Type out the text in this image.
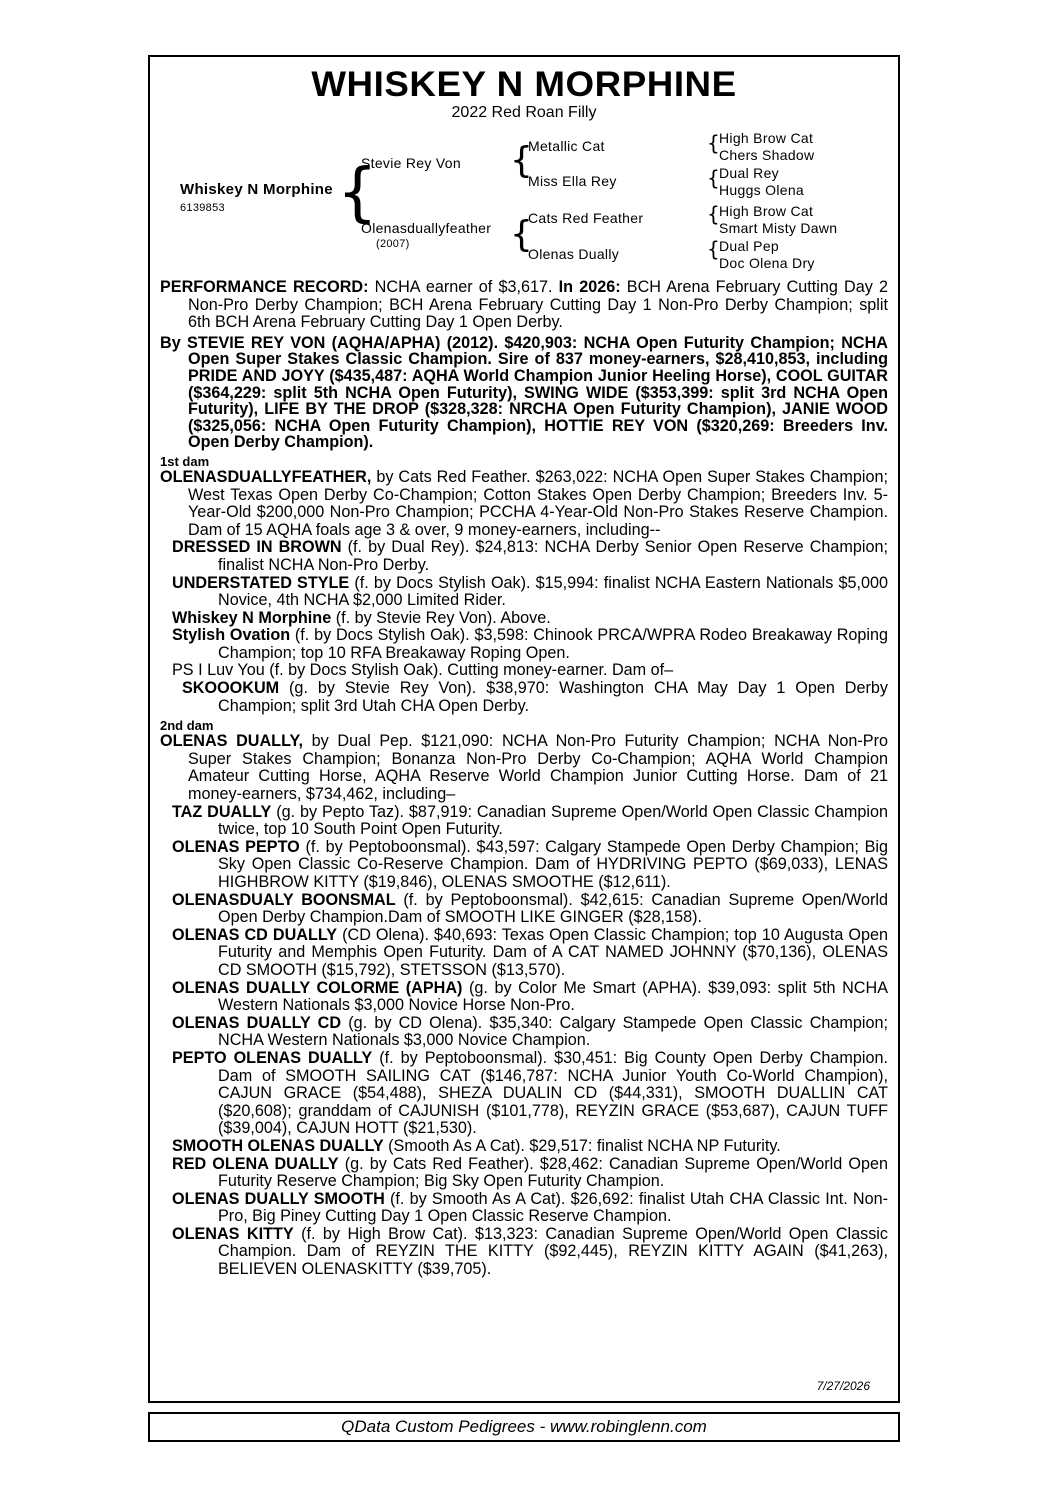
WHISKEY N MORPHINE
2022 Red Roan Filly
Whiskey N Morphine
6139853 {
Stevie Rey Von
Olenasduallyfeather
(2007)
{
{
Metallic Cat
Miss Ella Rey
Cats Red Feather
Olenas Dually
{
{
{
{
High Brow Cat
Chers Shadow
Dual Rey
Huggs Olena
High Brow Cat
Smart Misty Dawn
Dual Pep
Doc Olena Dry

PERFORMANCE RECORD: NCHA earner of $3,617. In 2026: BCH Arena February Cutting Day 2 Non-Pro Derby Champion; BCH Arena February Cutting Day 1 Non-Pro Derby Champion; split 6th BCH Arena February Cutting Day 1 Open Derby.

By STEVIE REY VON (AQHA/APHA) (2012). $420,903: NCHA Open Futurity Champion; NCHA Open Super Stakes Classic Champion. Sire of 837 money-earners, $28,410,853, including PRIDE AND JOYY ($435,487: AQHA World Champion Junior Heeling Horse), COOL GUITAR ($364,229: split 5th NCHA Open Futurity), SWING WIDE ($353,399: split 3rd NCHA Open Futurity), LIFE BY THE DROP ($328,328: NRCHA Open Futurity Champion), JANIE WOOD ($325,056: NCHA Open Futurity Champion), HOTTIE REY VON ($320,269: Breeders Inv. Open Derby Champion).

1st dam

OLENASDUALLYFEATHER, by Cats Red Feather. $263,022: NCHA Open Super Stakes Champion; West Texas Open Derby Co-Champion; Cotton Stakes Open Derby Champion; Breeders Inv. 5-Year-Old $200,000 Non-Pro Champion; PCCHA 4-Year-Old Non-Pro Stakes Reserve Champion. Dam of 15 AQHA foals age 3 & over, 9 money-earners, including--

DRESSED IN BROWN (f. by Dual Rey). $24,813: NCHA Derby Senior Open Reserve Champion; finalist NCHA Non-Pro Derby.

UNDERSTATED STYLE (f. by Docs Stylish Oak). $15,994: finalist NCHA Eastern Nationals $5,000 Novice, 4th NCHA $2,000 Limited Rider.

Whiskey N Morphine (f. by Stevie Rey Von). Above.

Stylish Ovation (f. by Docs Stylish Oak). $3,598: Chinook PRCA/WPRA Rodeo Breakaway Roping Champion; top 10 RFA Breakaway Roping Open.

PS I Luv You (f. by Docs Stylish Oak). Cutting money-earner. Dam of–

SKOOOKUM (g. by Stevie Rey Von). $38,970: Washington CHA May Day 1 Open Derby Champion; split 3rd Utah CHA Open Derby.

2nd dam

OLENAS DUALLY, by Dual Pep. $121,090: NCHA Non-Pro Futurity Champion; NCHA Non-Pro Super Stakes Champion; Bonanza Non-Pro Derby Co-Champion; AQHA World Champion Amateur Cutting Horse, AQHA Reserve World Champion Junior Cutting Horse. Dam of 21 money-earners, $734,462, including–

TAZ DUALLY (g. by Pepto Taz). $87,919: Canadian Supreme Open/World Open Classic Champion twice, top 10 South Point Open Futurity.

OLENAS PEPTO (f. by Peptoboonsmal). $43,597: Calgary Stampede Open Derby Champion; Big Sky Open Classic Co-Reserve Champion. Dam of HYDRIVING PEPTO ($69,033), LENAS HIGHBROW KITTY ($19,846), OLENAS SMOOTHE ($12,611).

OLENASDUALY BOONSMAL (f. by Peptoboonsmal). $42,615: Canadian Supreme Open/World Open Derby Champion.Dam of SMOOTH LIKE GINGER ($28,158).

OLENAS CD DUALLY (CD Olena). $40,693: Texas Open Classic Champion; top 10 Augusta Open Futurity and Memphis Open Futurity. Dam of A CAT NAMED JOHNNY ($70,136), OLENAS CD SMOOTH ($15,792), STETSSON ($13,570).

OLENAS DUALLY COLORME (APHA) (g. by Color Me Smart (APHA). $39,093: split 5th NCHA Western Nationals $3,000 Novice Horse Non-Pro.

OLENAS DUALLY CD (g. by CD Olena). $35,340: Calgary Stampede Open Classic Champion; NCHA Western Nationals $3,000 Novice Champion.

PEPTO OLENAS DUALLY (f. by Peptoboonsmal). $30,451: Big County Open Derby Champion. Dam of SMOOTH SAILING CAT ($146,787: NCHA Junior Youth Co-World Champion), CAJUN GRACE ($54,488), SHEZA DUALIN CD ($44,331), SMOOTH DUALLIN CAT ($20,608); granddam of CAJUNISH ($101,778), REYZIN GRACE ($53,687), CAJUN TUFF ($39,004), CAJUN HOTT ($21,530).

SMOOTH OLENAS DUALLY (Smooth As A Cat). $29,517: finalist NCHA NP Futurity.

RED OLENA DUALLY (g. by Cats Red Feather). $28,462: Canadian Supreme Open/World Open Futurity Reserve Champion; Big Sky Open Futurity Champion.

OLENAS DUALLY SMOOTH (f. by Smooth As A Cat). $26,692: finalist Utah CHA Classic Int. Non-Pro, Big Piney Cutting Day 1 Open Classic Reserve Champion.

OLENAS KITTY (f. by High Brow Cat). $13,323: Canadian Supreme Open/World Open Classic Champion. Dam of REYZIN THE KITTY ($92,445), REYZIN KITTY AGAIN ($41,263), BELIEVEN OLENASKITTY ($39,705).

7/27/2026
QData Custom Pedigrees - www.robinglenn.com
